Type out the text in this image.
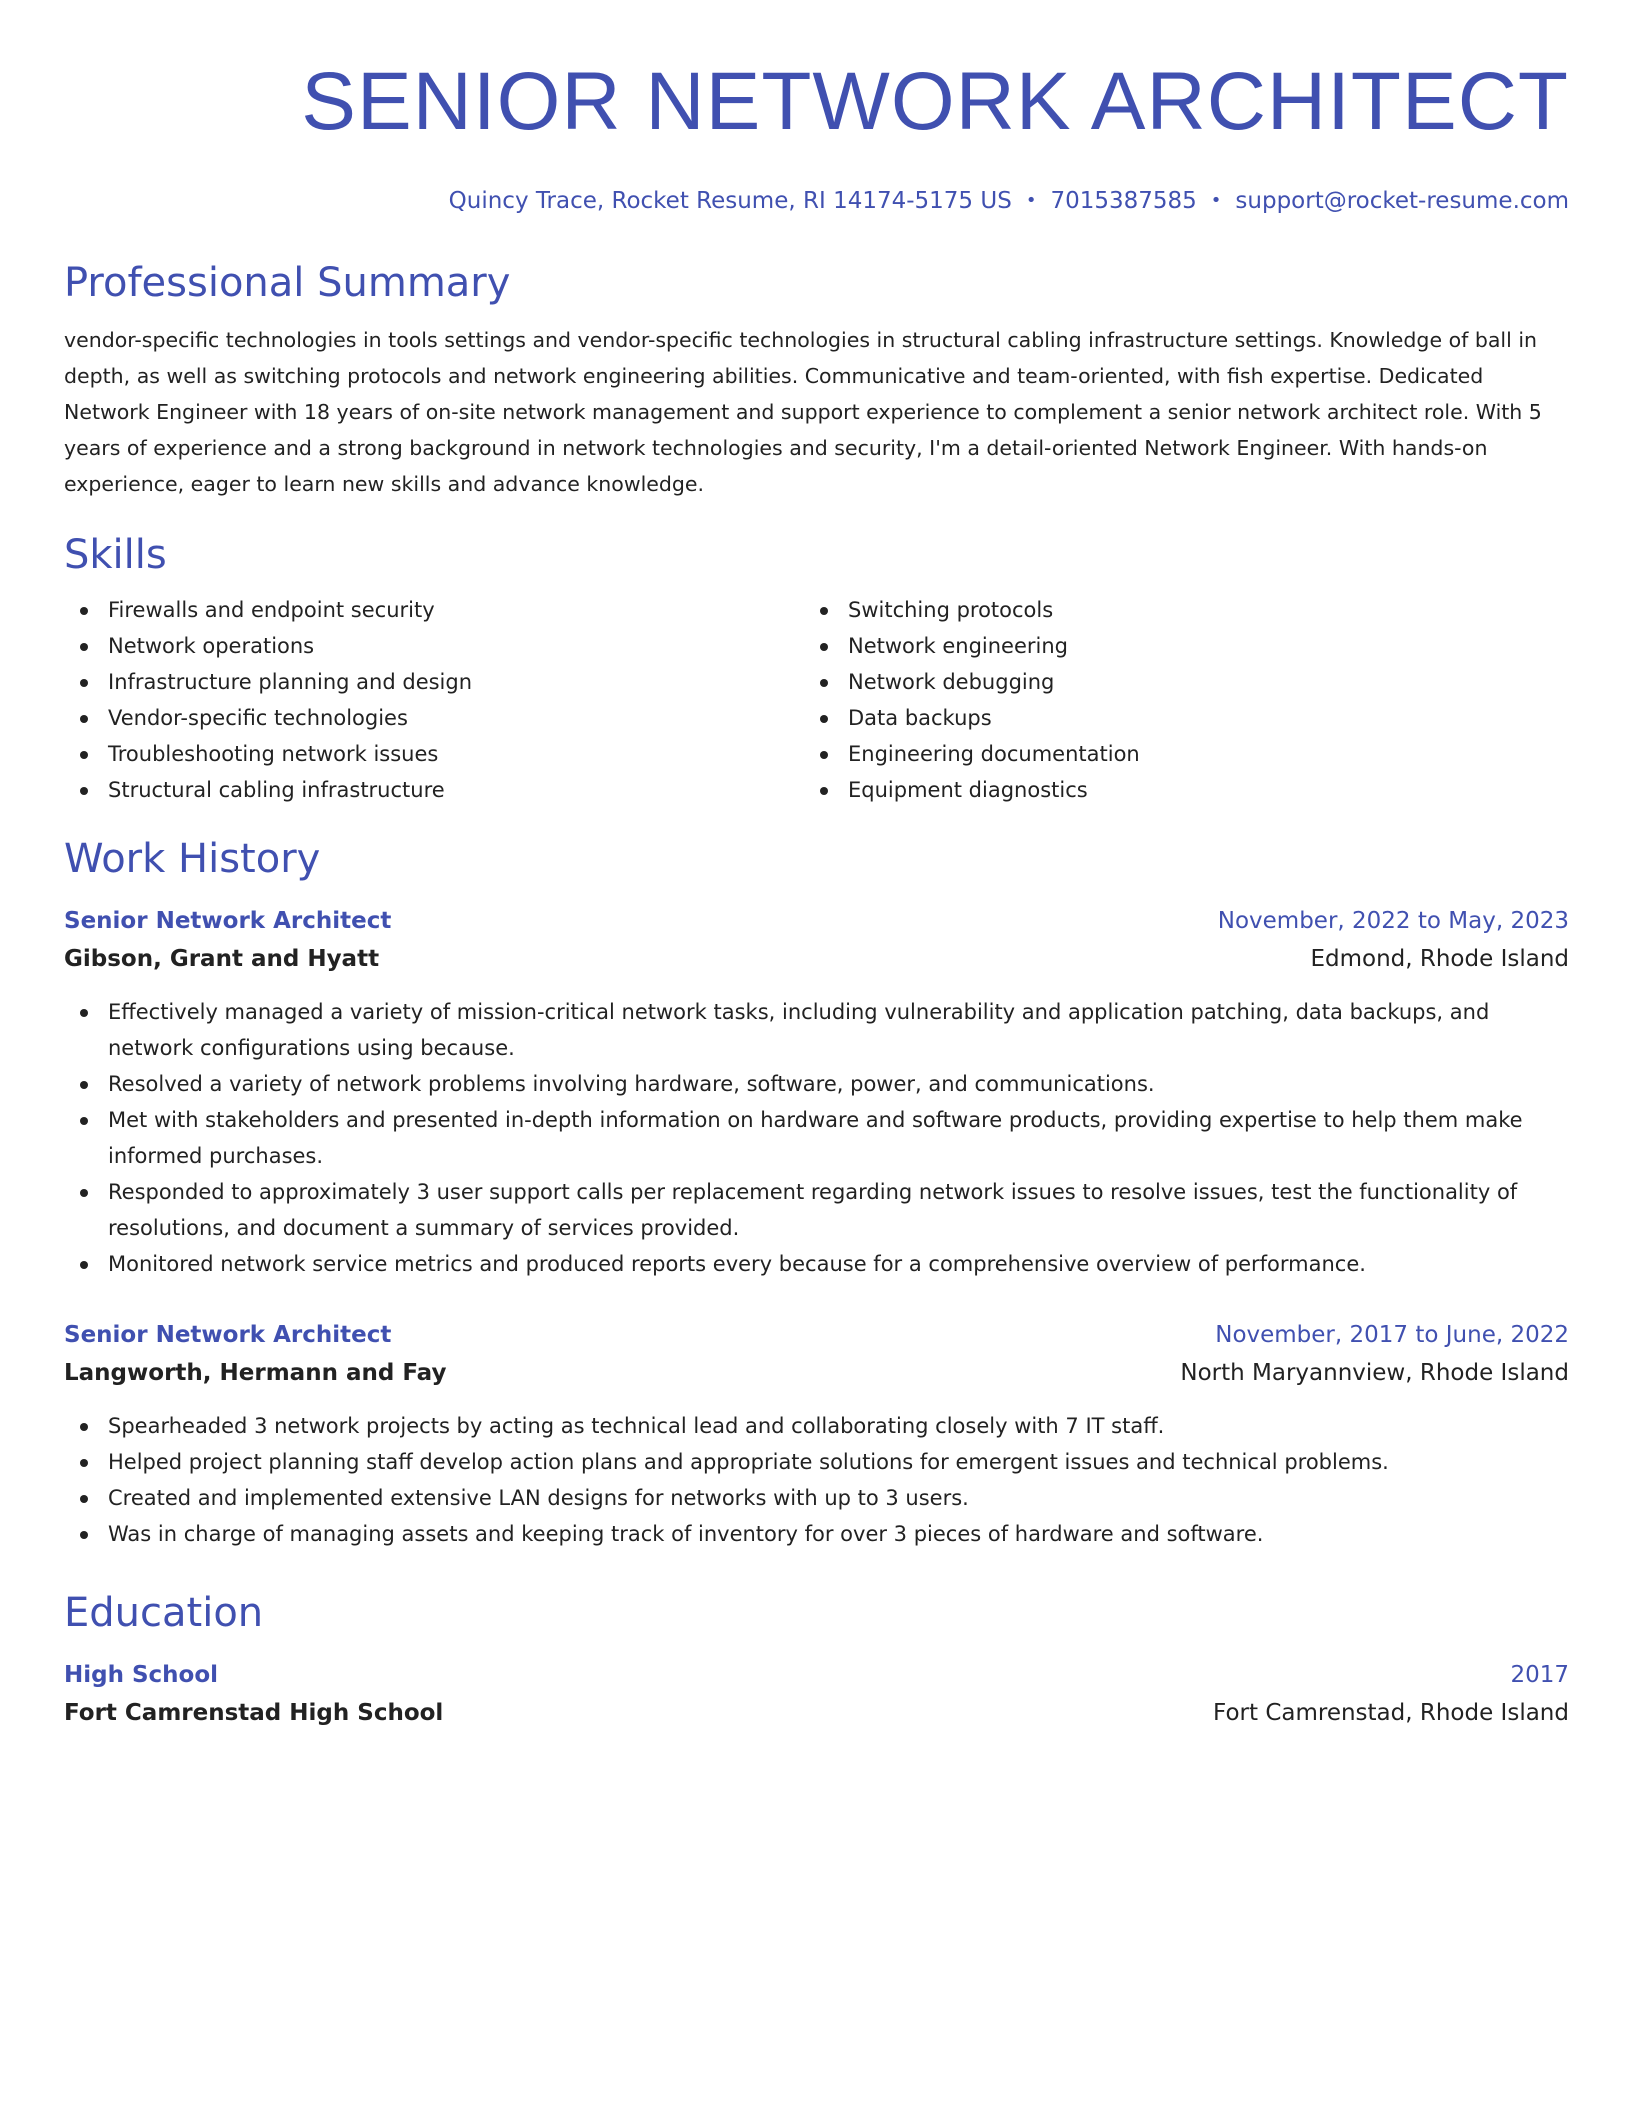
SENIOR NETWORK ARCHITECT
Quincy Trace, Rocket Resume, RI 14174-5175 US • 7015387585 • support@rocket-resume.com
Professional Summary
vendor-specific technologies in tools settings and vendor-specific technologies in structural cabling infrastructure settings. Knowledge of ball in depth, as well as switching protocols and network engineering abilities. Communicative and team-oriented, with fish expertise. Dedicated Network Engineer with 18 years of on-site network management and support experience to complement a senior network architect role. With 5 years of experience and a strong background in network technologies and security, I'm a detail-oriented Network Engineer. With hands-on experience, eager to learn new skills and advance knowledge.
Skills
Firewalls and endpoint security
Network operations
Infrastructure planning and design
Vendor-specific technologies
Troubleshooting network issues
Structural cabling infrastructure
Switching protocols
Network engineering
Network debugging
Data backups
Engineering documentation
Equipment diagnostics
Work History
Senior Network Architect	November, 2022 to May, 2023
Gibson, Grant and Hyatt	Edmond, Rhode Island
Effectively managed a variety of mission-critical network tasks, including vulnerability and application patching, data backups, and network configurations using because.
Resolved a variety of network problems involving hardware, software, power, and communications.
Met with stakeholders and presented in-depth information on hardware and software products, providing expertise to help them make informed purchases.
Responded to approximately 3 user support calls per replacement regarding network issues to resolve issues, test the functionality of resolutions, and document a summary of services provided.
Monitored network service metrics and produced reports every because for a comprehensive overview of performance.
Senior Network Architect	November, 2017 to June, 2022
Langworth, Hermann and Fay	North Maryannview, Rhode Island
Spearheaded 3 network projects by acting as technical lead and collaborating closely with 7 IT staff.
Helped project planning staff develop action plans and appropriate solutions for emergent issues and technical problems.
Created and implemented extensive LAN designs for networks with up to 3 users.
Was in charge of managing assets and keeping track of inventory for over 3 pieces of hardware and software.
Education
High School	2017
Fort Camrenstad High School	Fort Camrenstad, Rhode Island
